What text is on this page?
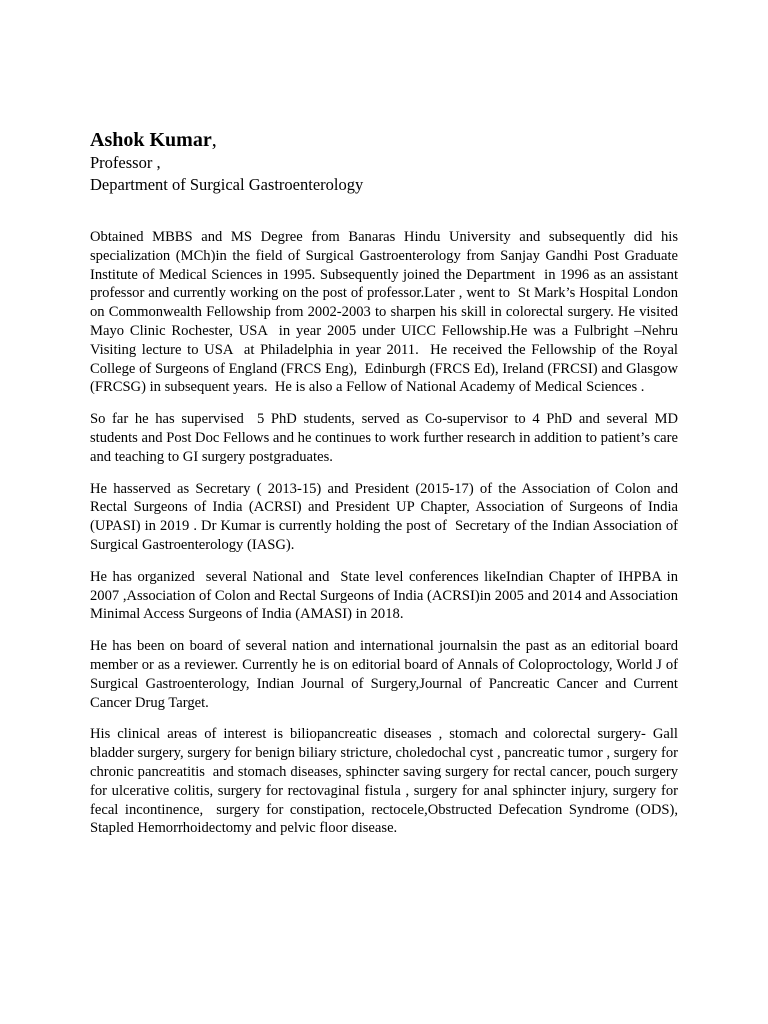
Ashok Kumar,

Professor ,

Department of Surgical Gastroenterology

Obtained MBBS and MS Degree from Banaras Hindu University and subsequently did his specialization (MCh)in the field of Surgical Gastroenterology from Sanjay Gandhi Post Graduate Institute of Medical Sciences in 1995. Subsequently joined the Department  in 1996 as an assistant professor and currently working on the post of professor.Later , went to  St Mark’s Hospital London on Commonwealth Fellowship from 2002-2003 to sharpen his skill in colorectal surgery. He visited Mayo Clinic Rochester, USA  in year 2005 under UICC Fellowship.He was a Fulbright –Nehru Visiting lecture to USA  at Philadelphia in year 2011.  He received the Fellowship of the Royal College of Surgeons of England (FRCS Eng),  Edinburgh (FRCS Ed), Ireland (FRCSI) and Glasgow (FRCSG) in subsequent years.  He is also a Fellow of National Academy of Medical Sciences .

So far he has supervised  5 PhD students, served as Co-supervisor to 4 PhD and several MD students and Post Doc Fellows and he continues to work further research in addition to patient’s care and teaching to GI surgery postgraduates.

He hasserved as Secretary ( 2013-15) and President (2015-17) of the Association of Colon and Rectal Surgeons of India (ACRSI) and President UP Chapter, Association of Surgeons of India (UPASI) in 2019 . Dr Kumar is currently holding the post of  Secretary of the Indian Association of Surgical Gastroenterology (IASG).

He has organized  several National and  State level conferences likeIndian Chapter of IHPBA in 2007 ,Association of Colon and Rectal Surgeons of India (ACRSI)in 2005 and 2014 and Association Minimal Access Surgeons of India (AMASI) in 2018.

He has been on board of several nation and international journalsin the past as an editorial board member or as a reviewer. Currently he is on editorial board of Annals of Coloproctology, World J of Surgical Gastroenterology, Indian Journal of Surgery,Journal of Pancreatic Cancer and Current Cancer Drug Target.

His clinical areas of interest is biliopancreatic diseases , stomach and colorectal surgery- Gall bladder surgery, surgery for benign biliary stricture, choledochal cyst , pancreatic tumor , surgery for chronic pancreatitis  and stomach diseases, sphincter saving surgery for rectal cancer, pouch surgery for ulcerative colitis, surgery for rectovaginal fistula , surgery for anal sphincter injury, surgery for fecal incontinence,  surgery for constipation, rectocele,Obstructed Defecation Syndrome (ODS), Stapled Hemorrhoidectomy and pelvic floor disease.
